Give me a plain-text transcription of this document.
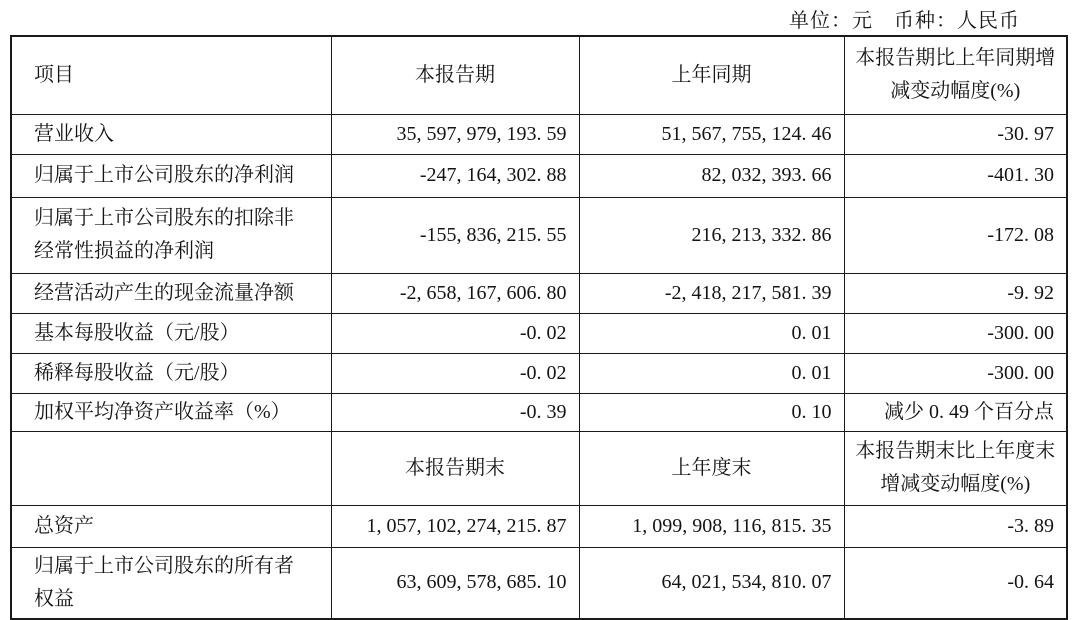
单位：元　币种：人民币
项目	本报告期	上年同期	本报告期比上年同期增减变动幅度(%)
营业收入	35, 597, 979, 193. 59	51, 567, 755, 124. 46	-30. 97
归属于上市公司股东的净利润	-247, 164, 302. 88	82, 032, 393. 66	-401. 30
归属于上市公司股东的扣除非经常性损益的净利润	-155, 836, 215. 55	216, 213, 332. 86	-172. 08
经营活动产生的现金流量净额	-2, 658, 167, 606. 80	-2, 418, 217, 581. 39	-9. 92
基本每股收益（元/股）	-0. 02	0. 01	-300. 00
稀释每股收益（元/股）	-0. 02	0. 01	-300. 00
加权平均净资产收益率（%）	-0. 39	0. 10	减少 0. 49 个百分点
	本报告期末	上年度末	本报告期末比上年度末增减变动幅度(%)
总资产	1, 057, 102, 274, 215. 87	1, 099, 908, 116, 815. 35	-3. 89
归属于上市公司股东的所有者权益	63, 609, 578, 685. 10	64, 021, 534, 810. 07	-0. 64
